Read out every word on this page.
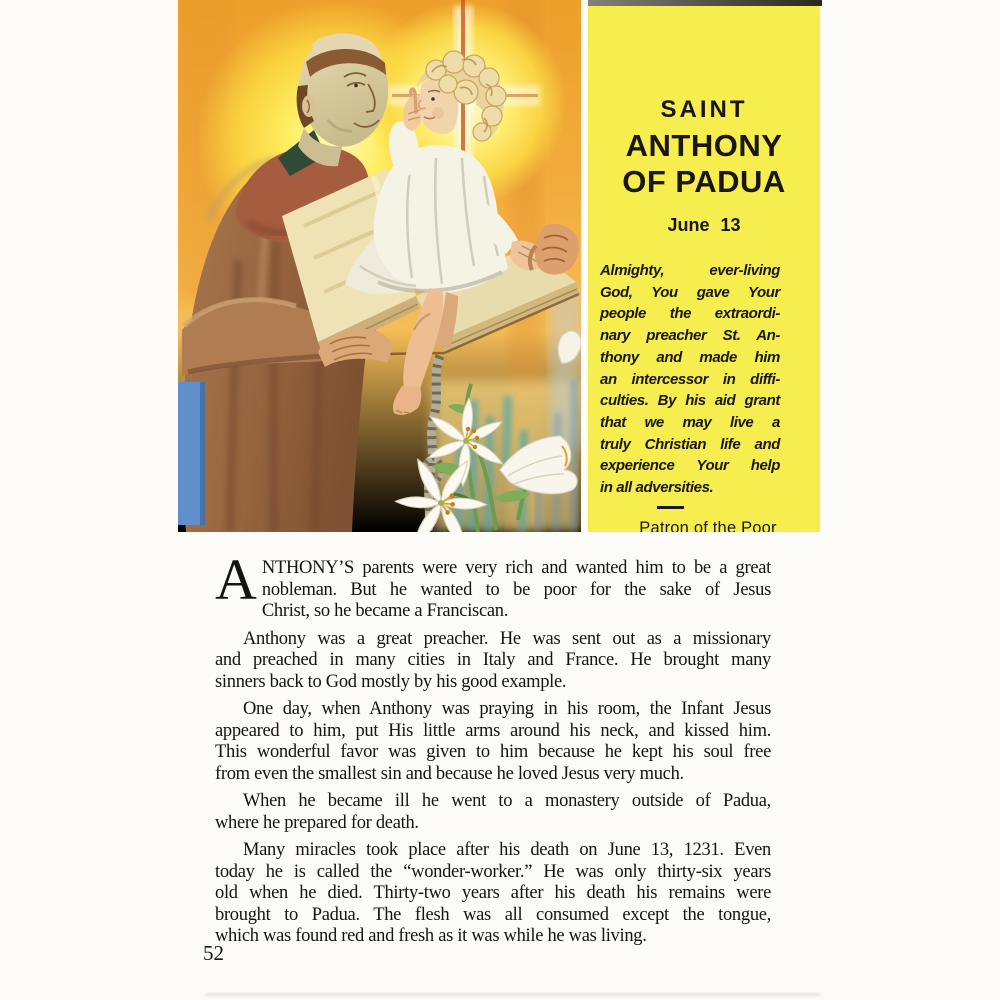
SAINT
ANTHONY
OF PADUA
June 13
Almighty, ever-living
God, You gave Your
people the extraordi-
nary preacher St. An-
thony and made him
an intercessor in diffi-
culties. By his aid grant
that we may live a
truly Christian life and
experience Your help
in all adversities.
Patron of the Poor
A NTHONY’S parents were very rich and wanted him to be a great
nobleman. But he wanted to be poor for the sake of Jesus
Christ, so he became a Franciscan.
Anthony was a great preacher. He was sent out as a missionary
and preached in many cities in Italy and France. He brought many
sinners back to God mostly by his good example.
One day, when Anthony was praying in his room, the Infant Jesus
appeared to him, put His little arms around his neck, and kissed him.
This wonderful favor was given to him because he kept his soul free
from even the smallest sin and because he loved Jesus very much.
When he became ill he went to a monastery outside of Padua,
where he prepared for death.
Many miracles took place after his death on June 13, 1231. Even
today he is called the “wonder-worker.” He was only thirty-six years
old when he died. Thirty-two years after his death his remains were
brought to Padua. The flesh was all consumed except the tongue,
which was found red and fresh as it was while he was living.
52
